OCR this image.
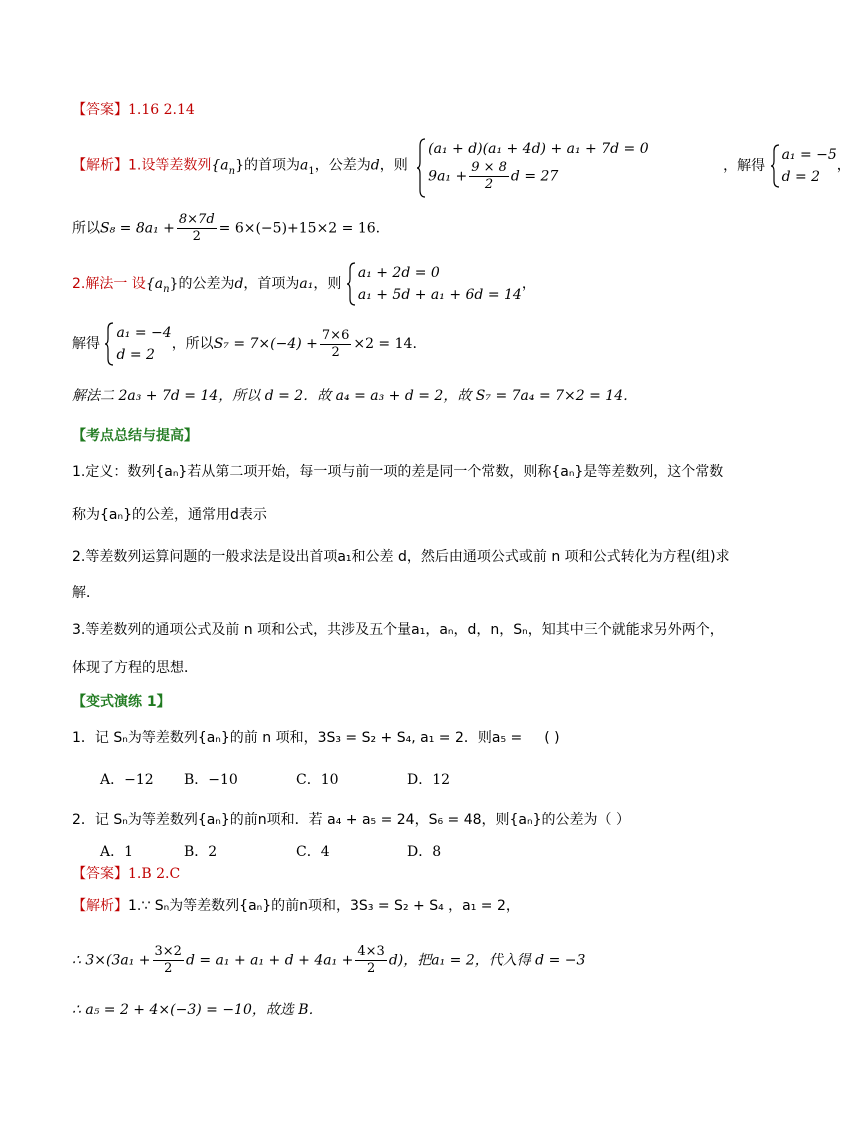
【答案】1.16 2.14
【解析】1.设等差数列$\{a_n\}$的首项为$a_1$，公差为d，则
(a₁ + d)(a₁ + 4d) + a₁ + 7d = 0
$9a_1 + \frac{9 \times 8}{2}$ d = 27
，解得
a₁ = −5
d = 2
，
所以$S_8 = 8a_1 + \frac{8\times 7d}{2} = 6\times(-5)+15\times 2 = 16$.
2.解法一 设$\{a_n\}$的公差为d，首项为a₁，则
a₁ + 2d = 0
a₁ + 5d + a₁ + 6d = 14
，
解得
a₁ = −4
d = 2
，所以$S_7 = 7\times(-4) + \frac{7\times 6}{2} \times 2 = 14$.
解法二 2a₃ + 7d = 14，所以 d = 2．故 a₄ = a₃ + d = 2，故 S₇ = 7a₄ = 7×2 = 14．
【考点总结与提高】
1.定义：数列{aₙ}若从第二项开始，每一项与前一项的差是同一个常数，则称{aₙ}是等差数列，这个常数
称为{aₙ}的公差，通常用d表示
2.等差数列运算问题的一般求法是设出首项a₁和公差 d，然后由通项公式或前 n 项和公式转化为方程(组)求
解．
3.等差数列的通项公式及前 n 项和公式，共涉及五个量a₁，aₙ，d，n，Sₙ，知其中三个就能求另外两个，
体现了方程的思想．
【变式演练 1】
1．记 Sₙ为等差数列{aₙ}的前 n 项和，3S₃ = S₂ + S₄, a₁ = 2．则a₅ = ( )
A．−12 B．−10	C．10	D．12
2．记 Sₙ为等差数列{aₙ}的前n项和．若 a₄ + a₅ = 24，S₆ = 48，则{aₙ}的公差为（ ）
A．1	B．2	C．4	D．8
【答案】1.B 2.C
【解析】1.∵ Sₙ为等差数列{aₙ}的前n项和，3S₃ = S₂ + S₄ ，a₁ = 2，
∴ $3\times(3a_1 + \frac{3\times 2}{2}$ $d = a_1 + a_1 + d + 4a_1 + \frac{4\times 3}{2} d$)，把a₁ = 2，代入得 d = −3
∴ a₅ = 2 + 4×(−3) = −10，故选 B．
